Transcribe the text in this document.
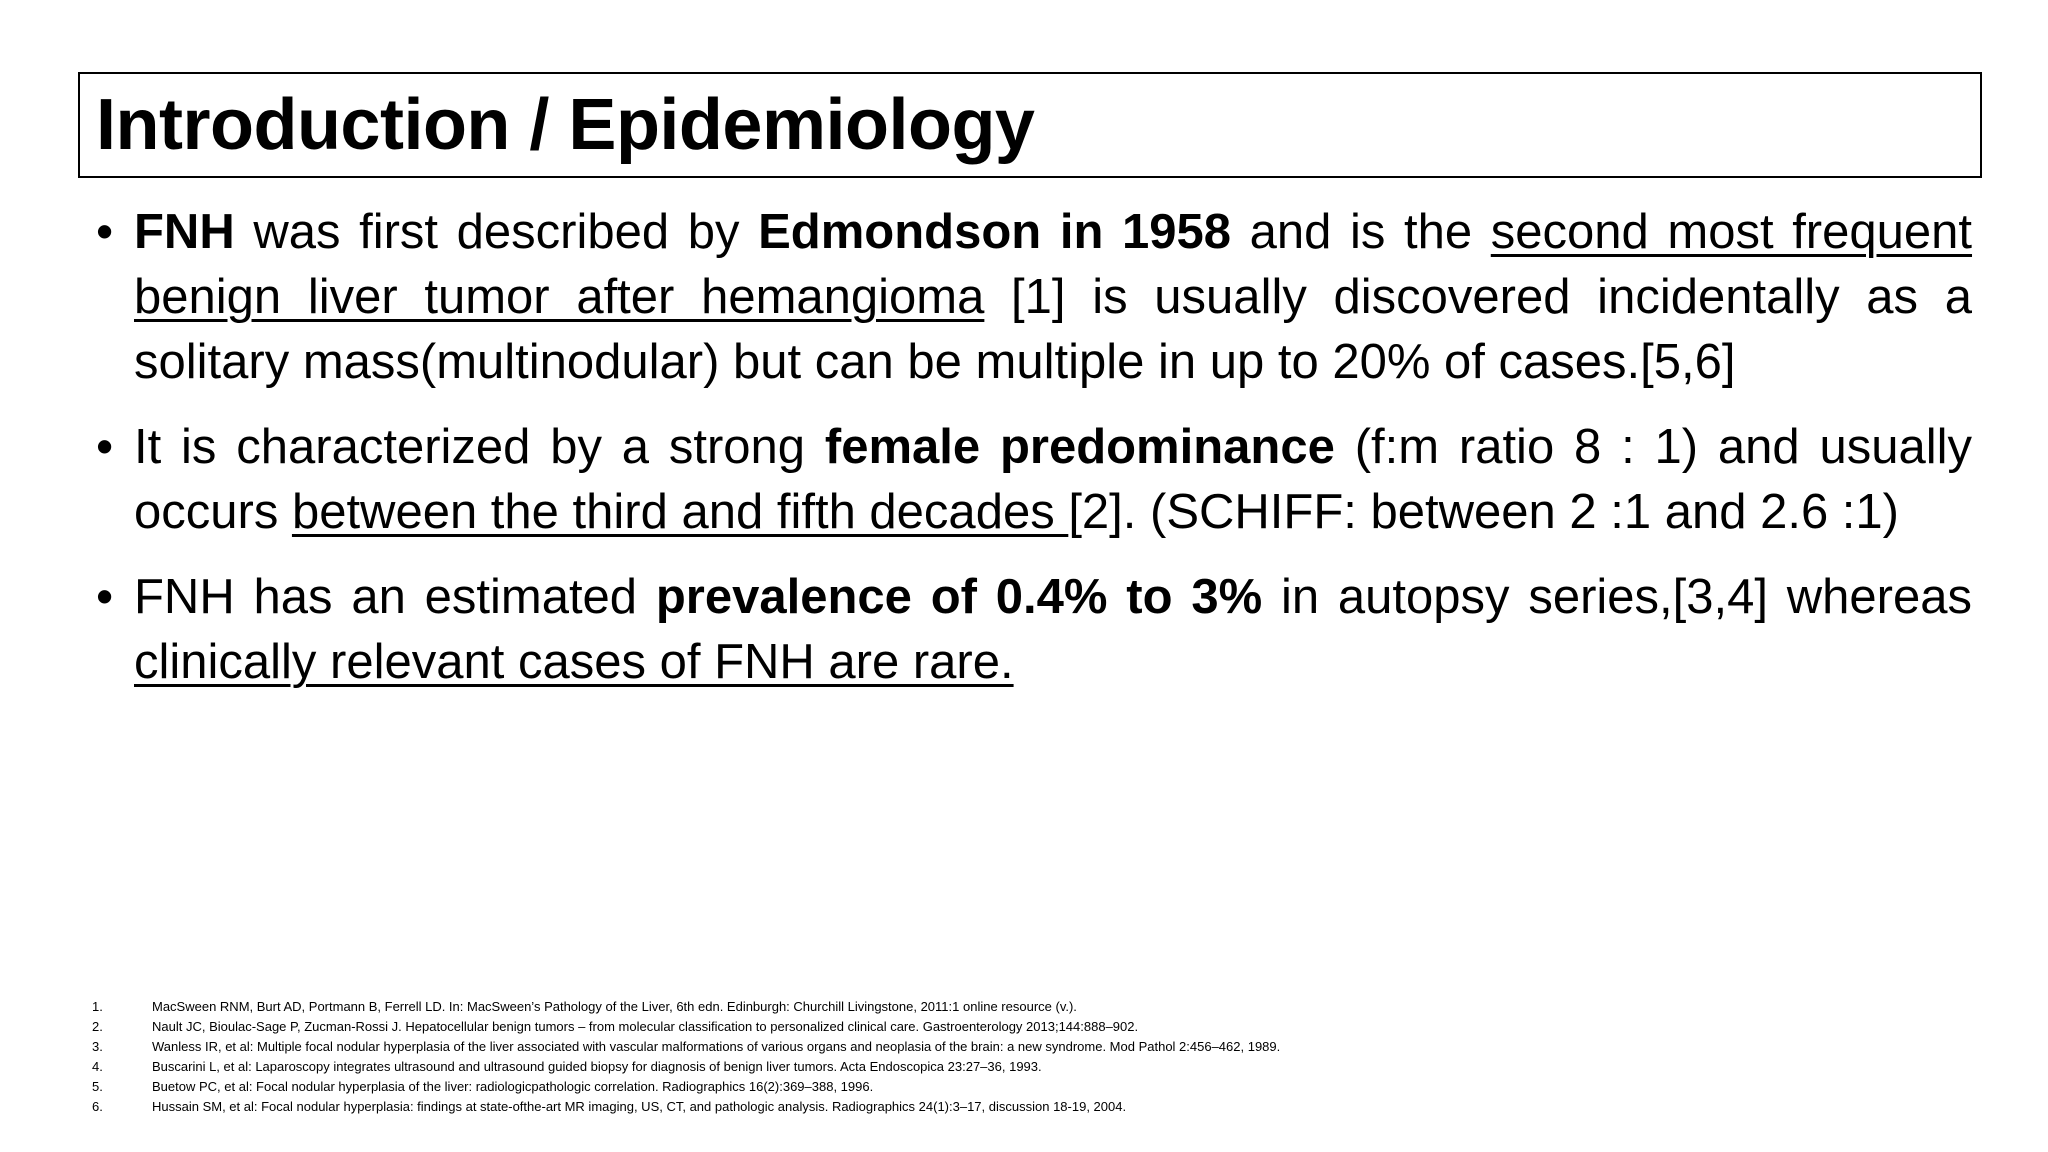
Introduction / Epidemiology
• FNH was first described by Edmondson in 1958 and is the second most frequent benign liver tumor after hemangioma [1] is usually discovered incidentally as a solitary mass(multinodular) but can be multiple in up to 20% of cases.[5,6]
• It is characterized by a strong female predominance (f:m ratio 8 : 1) and usually occurs between the third and fifth decades [2]. (SCHIFF: between 2 :1 and 2.6 :1)
• FNH has an estimated prevalence of 0.4% to 3% in autopsy series,[3,4] whereas clinically relevant cases of FNH are rare.
1.	MacSween RNM, Burt AD, Portmann B, Ferrell LD. In: MacSween’s Pathology of the Liver, 6th edn. Edinburgh: Churchill Livingstone, 2011:1 online resource (v.).
2.	Nault JC, Bioulac-Sage P, Zucman-Rossi J. Hepatocellular benign tumors – from molecular classification to personalized clinical care. Gastroenterology 2013;144:888–902.
3.	Wanless IR, et al: Multiple focal nodular hyperplasia of the liver associated with vascular malformations of various organs and neoplasia of the brain: a new syndrome. Mod Pathol 2:456–462, 1989.
4.	Buscarini L, et al: Laparoscopy integrates ultrasound and ultrasound guided biopsy for diagnosis of benign liver tumors. Acta Endoscopica 23:27–36, 1993.
5.	Buetow PC, et al: Focal nodular hyperplasia of the liver: radiologicpathologic correlation. Radiographics 16(2):369–388, 1996.
6.	Hussain SM, et al: Focal nodular hyperplasia: findings at state-ofthe-art MR imaging, US, CT, and pathologic analysis. Radiographics 24(1):3–17, discussion 18-19, 2004.
